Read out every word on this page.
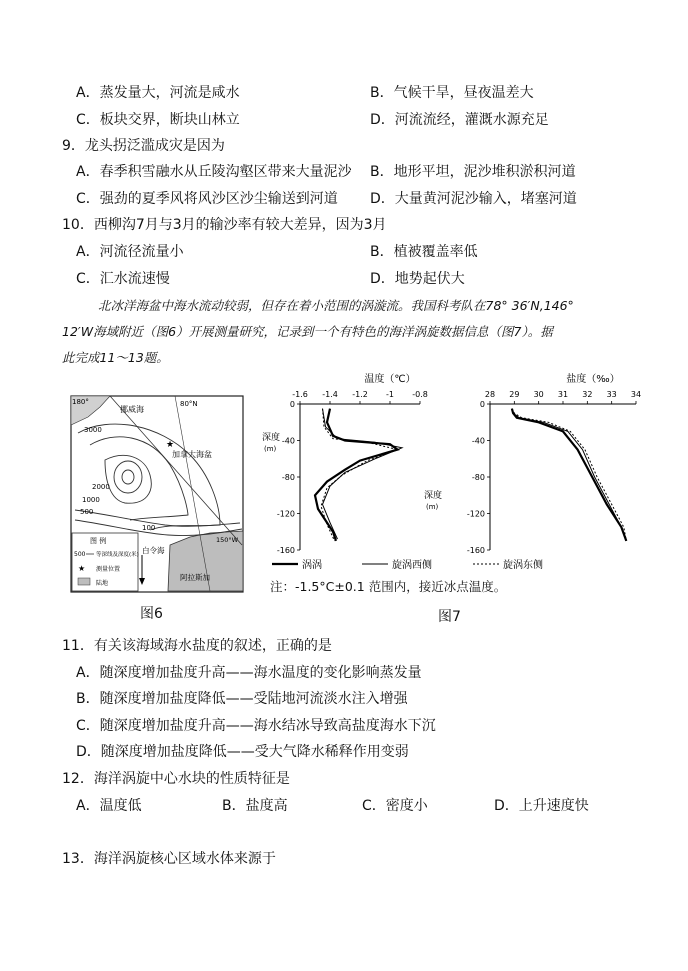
A．蒸发量大，河流是咸水	B．气候干旱，昼夜温差大
C．板块交界，断块山林立	D．河流流经，灌溉水源充足
9．龙头拐泛滥成灾是因为
A．春季积雪融水从丘陵沟壑区带来大量泥沙 B．地形平坦，泥沙堆积淤积河道
C．强劲的夏季风将风沙区沙尘输送到河道 D．大量黄河泥沙输入，堵塞河道
10．西柳沟7月与3月的输沙率有较大差异，因为3月
A．河流径流量小	B．植被覆盖率低
C．汇水流速慢	D．地势起伏大
北冰洋海盆中海水流动较弱，但存在着小范围的涡漩流。我国科考队在78° 36′N,146°
12′W海域附近（图6）开展测量研究，记录到一个有特色的海洋涡旋数据信息（图7）。据
此完成11～13题。
★
180°	80°N
挪威海
加拿大海盆
3000
2000
1000
500
100
150°W
白令海
阿拉斯加
图 例
500 等深线及深度(米)
★ 测量位置
陆地
图6
温度（℃）
-1.6 -1.4 -1.2 -1 -0.8
0
-40
-80
-120
-160
深度
(m)
盐度（‰）
28 29 30 31 32 33 34
0
-40
-80
-120
-160
深度
(m)
涡涡	旋涡西侧	旋涡东侧
注：-1.5°C±0.1 范围内，接近冰点温度。
图7
11．有关该海域海水盐度的叙述，正确的是
A．随深度增加盐度升高——海水温度的变化影响蒸发量
B．随深度增加盐度降低——受陆地河流淡水注入增强
C．随深度增加盐度升高——海水结冰导致高盐度海水下沉
D．随深度增加盐度降低——受大气降水稀释作用变弱
12．海洋涡旋中心水块的性质特征是
A．温度低	B．盐度高	C．密度小	D．上升速度快
13．海洋涡旋核心区域水体来源于
